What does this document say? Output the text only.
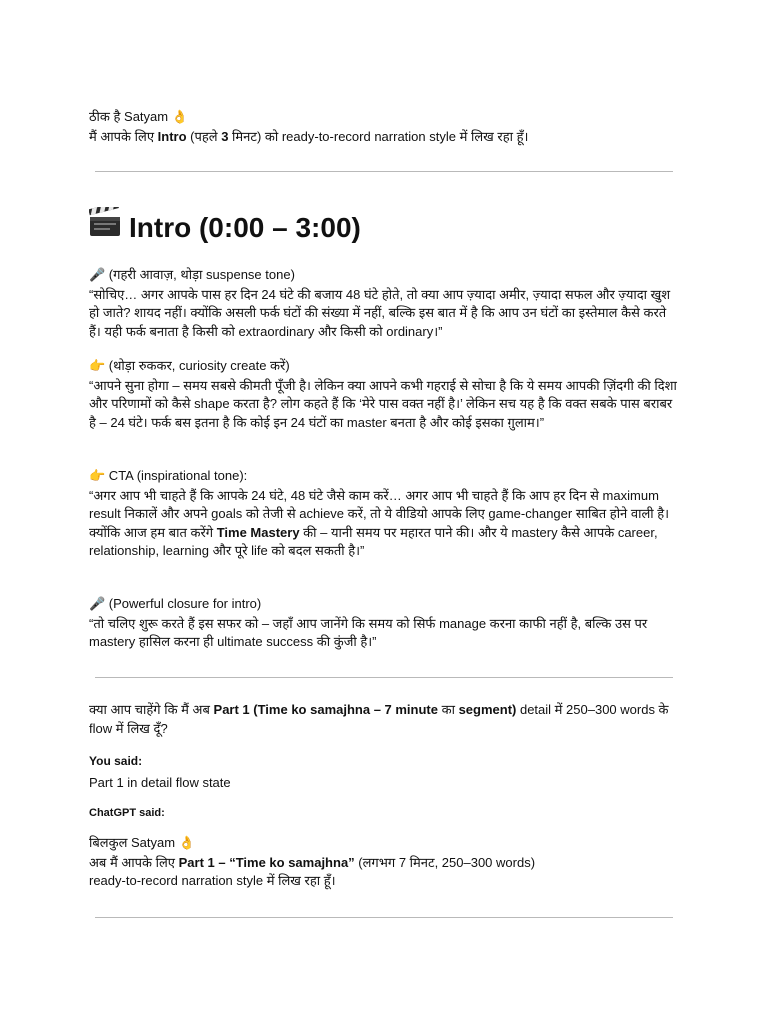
ठीक है Satyam 👌

मैं आपके लिए Intro (पहले 3 मिनट) को ready-to-record narration style में लिख रहा हूँ।

Intro (0:00 – 3:00)

🎤 (गहरी आवाज़, थोड़ा suspense tone)

“सोचिए… अगर आपके पास हर दिन 24 घंटे की बजाय 48 घंटे होते, तो क्या आप ज़्यादा अमीर, ज़्यादा सफल और ज़्यादा खुश हो जाते? शायद नहीं। क्योंकि असली फर्क घंटों की संख्या में नहीं, बल्कि इस बात में है कि आप उन घंटों का इस्तेमाल कैसे करते हैं। यही फर्क बनाता है किसी को extraordinary और किसी को ordinary।”

👉 (थोड़ा रुककर, curiosity create करें)

“आपने सुना होगा – समय सबसे कीमती पूँजी है। लेकिन क्या आपने कभी गहराई से सोचा है कि ये समय आपकी ज़िंदगी की दिशा और परिणामों को कैसे shape करता है? लोग कहते हैं कि ‘मेरे पास वक्त नहीं है।’ लेकिन सच यह है कि वक्त सबके पास बराबर है – 24 घंटे। फर्क बस इतना है कि कोई इन 24 घंटों का master बनता है और कोई इसका ग़ुलाम।”

👉 CTA (inspirational tone):

“अगर आप भी चाहते हैं कि आपके 24 घंटे, 48 घंटे जैसे काम करें… अगर आप भी चाहते हैं कि आप हर दिन से maximum result निकालें और अपने goals को तेजी से achieve करें, तो ये वीडियो आपके लिए game-changer साबित होने वाली है।

क्योंकि आज हम बात करेंगे Time Mastery की – यानी समय पर महारत पाने की। और ये mastery कैसे आपके career, relationship, learning और पूरे life को बदल सकती है।”

🎤 (Powerful closure for intro)

“तो चलिए शुरू करते हैं इस सफर को – जहाँ आप जानेंगे कि समय को सिर्फ manage करना काफी नहीं है, बल्कि उस पर mastery हासिल करना ही ultimate success की कुंजी है।”

क्या आप चाहेंगे कि मैं अब Part 1 (Time ko samajhna – 7 minute का segment) detail में 250–300 words के flow में लिख दूँ?

You said:

Part 1 in detail flow state

ChatGPT said:

बिलकुल Satyam 👌

अब मैं आपके लिए Part 1 – “Time ko samajhna” (लगभग 7 मिनट, 250–300 words)

ready-to-record narration style में लिख रहा हूँ।
